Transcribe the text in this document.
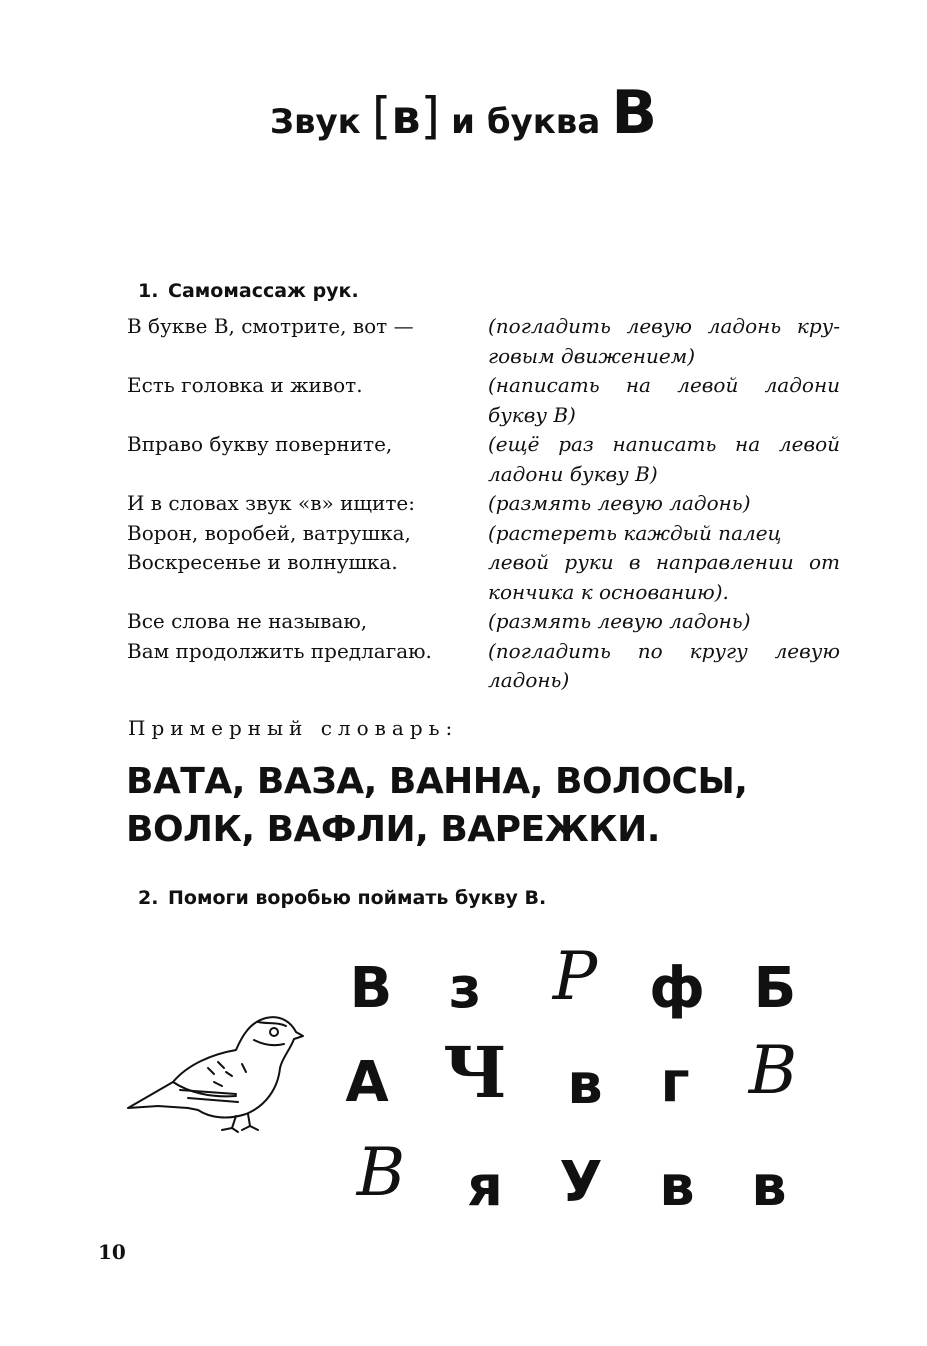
Звук [в] и буква В
1. Самомассаж рук.
В букве В, смотрите, вот —	(погладить левую ладонь кру-говым движением)
Есть головка и живот.	(написать на левой ладони букву В)
Вправо букву поверните,	(ещё раз написать на левой ладони букву В)
И в словах звук «в» ищите:	(размять левую ладонь)
Ворон, воробей, ватрушка,	(растереть каждый палец
Воскресенье и волнушка.	левой руки в направлении от кончика к основанию).
Все слова не называю,	(размять левую ладонь)
Вам продолжить предлагаю.	(погладить по кругу левую ладонь)
Примерный словарь:
ВАТА, ВАЗА, ВАННА, ВОЛОСЫ, ВОЛК, ВАФЛИ, ВАРЕЖКИ.
2. Помоги воробью поймать букву В.
В	з	Р ф Б
А Ч	в	г В
В	я	У	в	в
10
